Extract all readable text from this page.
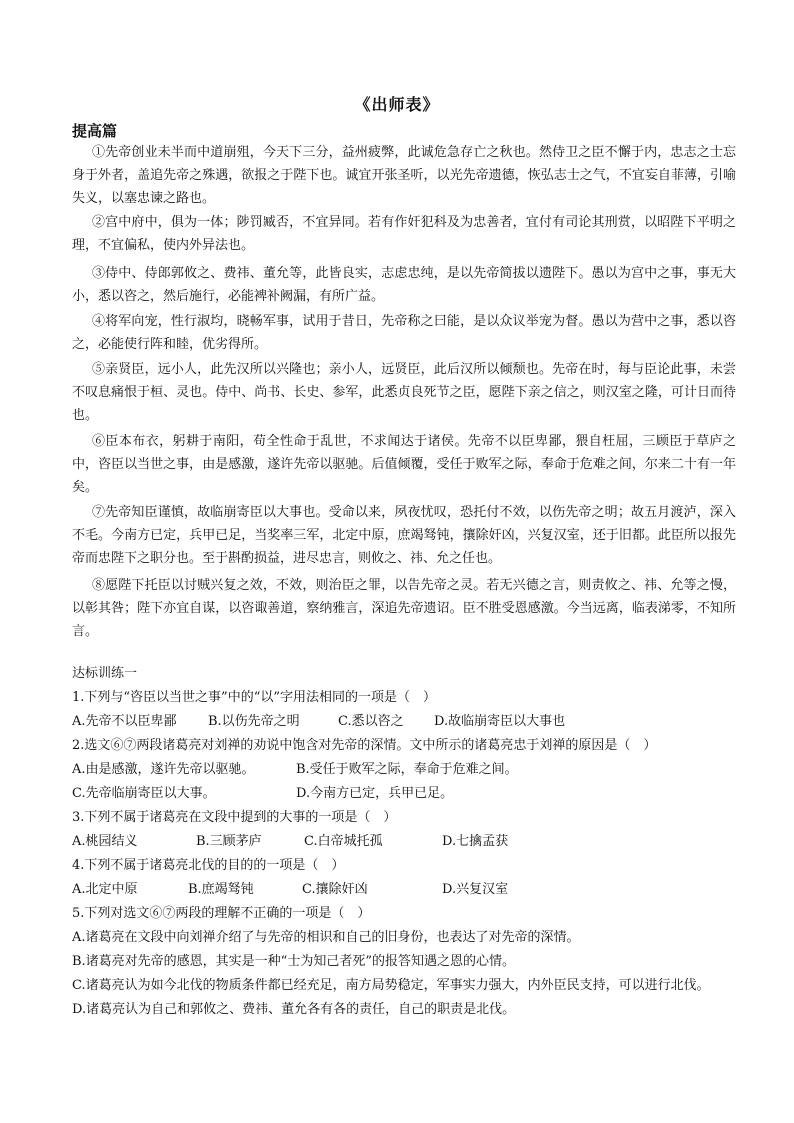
《出师表》
提高篇
①先帝创业未半而中道崩殂，今天下三分，益州疲弊，此诚危急存亡之秋也。然侍卫之臣不懈于内，忠志之士忘身于外者，盖追先帝之殊遇，欲报之于陛下也。诚宜开张圣听，以光先帝遗德，恢弘志士之气，不宜妄自菲薄，引喻失义，以塞忠谏之路也。
②宫中府中，俱为一体；陟罚臧否，不宜异同。若有作奸犯科及为忠善者，宜付有司论其刑赏，以昭陛下平明之理，不宜偏私，使内外异法也。
③侍中、侍郎郭攸之、费祎、董允等，此皆良实，志虑忠纯，是以先帝简拔以遗陛下。愚以为宫中之事，事无大小，悉以咨之，然后施行，必能裨补阙漏，有所广益。
④将军向宠，性行淑均，晓畅军事，试用于昔日，先帝称之曰能，是以众议举宠为督。愚以为营中之事，悉以咨之，必能使行阵和睦，优劣得所。
⑤亲贤臣，远小人，此先汉所以兴隆也；亲小人，远贤臣，此后汉所以倾颓也。先帝在时，每与臣论此事，未尝不叹息痛恨于桓、灵也。侍中、尚书、长史、参军，此悉贞良死节之臣，愿陛下亲之信之，则汉室之隆，可计日而待也。
⑥臣本布衣，躬耕于南阳，苟全性命于乱世，不求闻达于诸侯。先帝不以臣卑鄙，猥自枉屈，三顾臣于草庐之中，咨臣以当世之事，由是感激，遂许先帝以驱驰。后值倾覆，受任于败军之际，奉命于危难之间，尔来二十有一年矣。
⑦先帝知臣谨慎，故临崩寄臣以大事也。受命以来，夙夜忧叹，恐托付不效，以伤先帝之明；故五月渡泸，深入不毛。今南方已定，兵甲已足，当奖率三军，北定中原，庶竭驽钝，攘除奸凶，兴复汉室，还于旧都。此臣所以报先帝而忠陛下之职分也。至于斟酌损益，进尽忠言，则攸之、祎、允之任也。
⑧愿陛下托臣以讨贼兴复之效，不效，则治臣之罪，以告先帝之灵。若无兴德之言，则责攸之、祎、允等之慢，以彰其咎；陛下亦宜自谋，以咨诹善道，察纳雅言，深追先帝遗诏。臣不胜受恩感激。今当远离，临表涕零，不知所言。
达标训练一
1.下列与“咨臣以当世之事”中的“以”字用法相同的一项是（　）
A.先帝不以臣卑鄙	B.以伤先帝之明	C.悉以咨之	D.故临崩寄臣以大事也
2.选文⑥⑦两段诸葛亮对刘禅的劝说中饱含对先帝的深情。文中所示的诸葛亮忠于刘禅的原因是（　）
A.由是感激，遂许先帝以驱驰。	B.受任于败军之际，奉命于危难之间。
C.先帝临崩寄臣以大事。	D.今南方已定，兵甲已足。
3.下列不属于诸葛亮在文段中提到的大事的一项是（　）
A.桃园结义	B.三顾茅庐	C.白帝城托孤	D.七擒孟获
4.下列不属于诸葛亮北伐的目的的一项是（　）
A.北定中原	B.庶竭驽钝	C.攘除奸凶	D.兴复汉室
5.下列对选文⑥⑦两段的理解不正确的一项是（　）
A.诸葛亮在文段中向刘禅介绍了与先帝的相识和自己的旧身份，也表达了对先帝的深情。
B.诸葛亮对先帝的感恩，其实是一种“士为知己者死”的报答知遇之恩的心情。
C.诸葛亮认为如今北伐的物质条件都已经充足，南方局势稳定，军事实力强大，内外臣民支持，可以进行北伐。
D.诸葛亮认为自己和郭攸之、费祎、董允各有各的责任，自己的职责是北伐。
